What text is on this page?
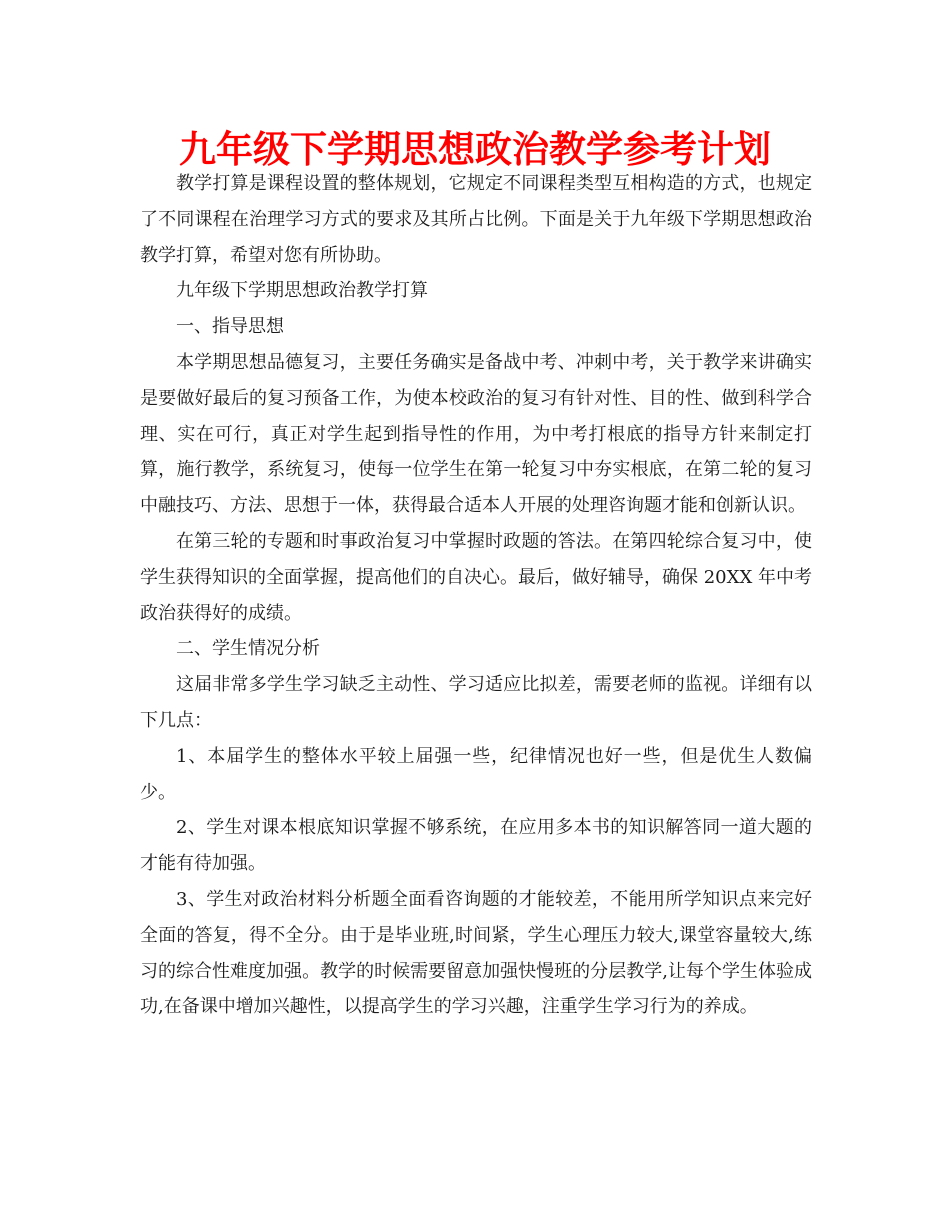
九年级下学期思想政治教学参考计划

教学打算是课程设置的整体规划，它规定不同课程类型互相构造的方式，也规定了不同课程在治理学习方式的要求及其所占比例。下面是关于九年级下学期思想政治教学打算，希望对您有所协助。

九年级下学期思想政治教学打算

一、指导思想

本学期思想品德复习，主要任务确实是备战中考、冲刺中考，关于教学来讲确实是要做好最后的复习预备工作，为使本校政治的复习有针对性、目的性、做到科学合理、实在可行，真正对学生起到指导性的作用，为中考打根底的指导方针来制定打算，施行教学，系统复习，使每一位学生在第一轮复习中夯实根底，在第二轮的复习中融技巧、方法、思想于一体，获得最合适本人开展的处理咨询题才能和创新认识。

在第三轮的专题和时事政治复习中掌握时政题的答法。在第四轮综合复习中，使学生获得知识的全面掌握，提高他们的自决心。最后，做好辅导，确保 20XX 年中考政治获得好的成绩。

二、学生情况分析

这届非常多学生学习缺乏主动性、学习适应比拟差，需要老师的监视。详细有以下几点：

1、本届学生的整体水平较上届强一些，纪律情况也好一些，但是优生人数偏少。

2、学生对课本根底知识掌握不够系统，在应用多本书的知识解答同一道大题的才能有待加强。

3、学生对政治材料分析题全面看咨询题的才能较差，不能用所学知识点来完好全面的答复，得不全分。由于是毕业班,时间紧，学生心理压力较大,课堂容量较大,练习的综合性难度加强。教学的时候需要留意加强快慢班的分层教学,让每个学生体验成功,在备课中增加兴趣性，以提高学生的学习兴趣，注重学生学习行为的养成。
